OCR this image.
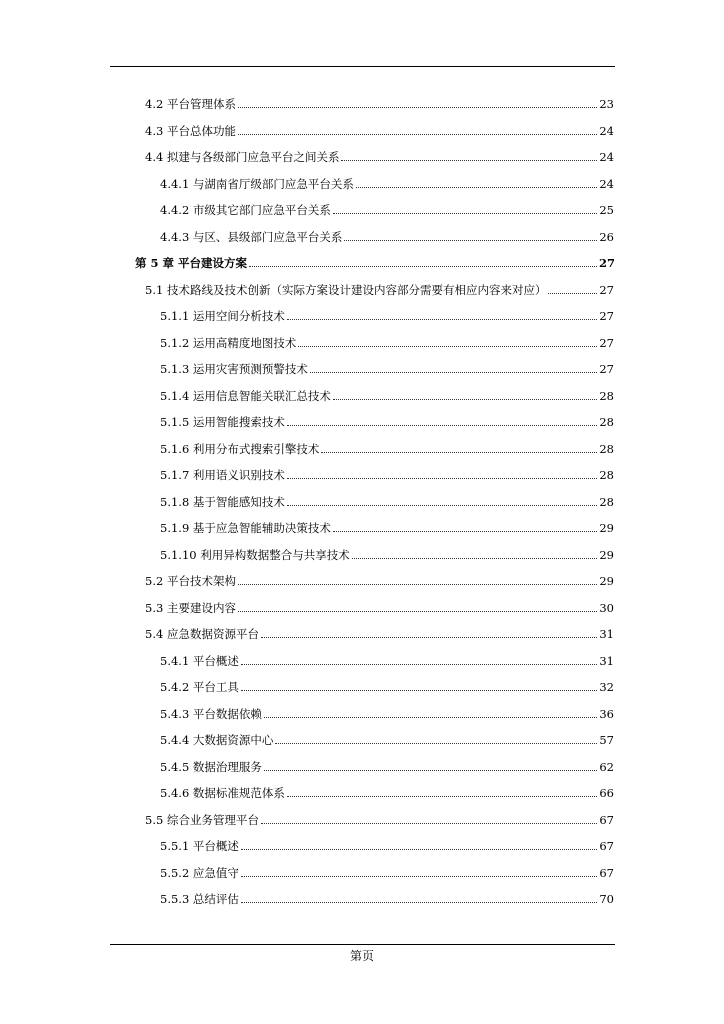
4.2 平台管理体系	23
4.3 平台总体功能	24
4.4 拟建与各级部门应急平台之间关系	24
4.4.1 与湖南省厅级部门应急平台关系	24
4.4.2 市级其它部门应急平台关系	25
4.4.3 与区、县级部门应急平台关系	26
第 5 章 平台建设方案	27
5.1 技术路线及技术创新（实际方案设计建设内容部分需要有相应内容来对应）	27
5.1.1 运用空间分析技术	27
5.1.2 运用高精度地图技术	27
5.1.3 运用灾害预测预警技术	27
5.1.4 运用信息智能关联汇总技术	28
5.1.5 运用智能搜索技术	28
5.1.6 利用分布式搜索引擎技术	28
5.1.7 利用语义识别技术	28
5.1.8 基于智能感知技术	28
5.1.9 基于应急智能辅助决策技术	29
5.1.10 利用异构数据整合与共享技术	29
5.2 平台技术架构	29
5.3 主要建设内容	30
5.4 应急数据资源平台	31
5.4.1 平台概述	31
5.4.2 平台工具	32
5.4.3 平台数据依赖	36
5.4.4 大数据资源中心	57
5.4.5 数据治理服务	62
5.4.6 数据标准规范体系	66
5.5 综合业务管理平台	67
5.5.1 平台概述	67
5.5.2 应急值守	67
5.5.3 总结评估	70
第页
